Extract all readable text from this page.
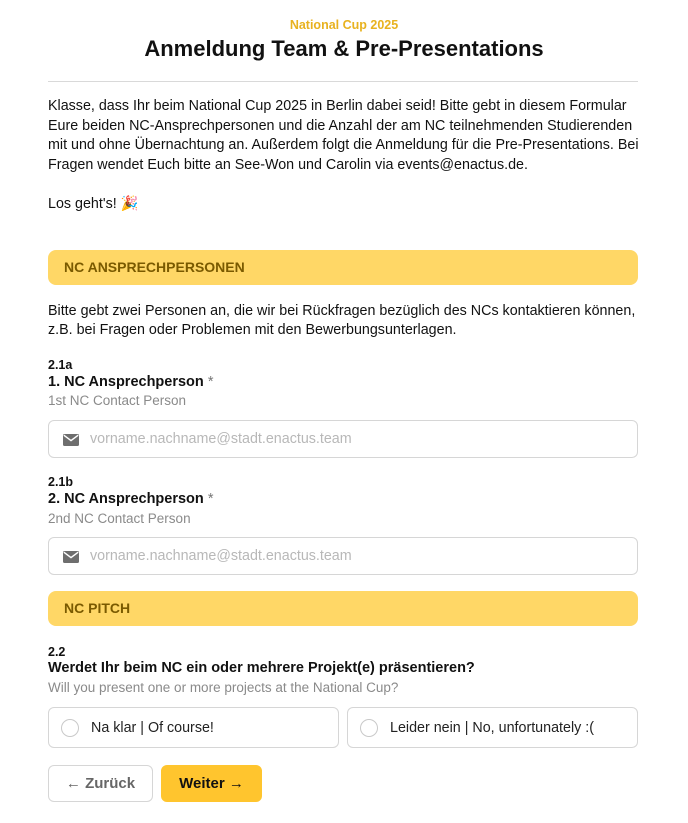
National Cup 2025
Anmeldung Team & Pre-Presentations

Klasse, dass Ihr beim National Cup 2025 in Berlin dabei seid! Bitte gebt in diesem Formular Eure beiden NC-Ansprechpersonen und die Anzahl der am NC teilnehmenden Studierenden mit und ohne Übernachtung an. Außerdem folgt die Anmeldung für die Pre-Presentations. Bei Fragen wendet Euch bitte an See-Won und Carolin via events@enactus.de.

Los geht's! 🎉

NC ANSPRECHPERSONEN
Bitte gebt zwei Personen an, die wir bei Rückfragen bezüglich des NCs kontaktieren können, z.B. bei Fragen oder Problemen mit den Bewerbungsunterlagen.
2.1a
1. NC Ansprechperson *
1st NC Contact Person
vorname.nachname@stadt.enactus.team
2.1b
2. NC Ansprechperson *
2nd NC Contact Person
vorname.nachname@stadt.enactus.team
NC PITCH
2.2
Werdet Ihr beim NC ein oder mehrere Projekt(e) präsentieren?
Will you present one or more projects at the National Cup?
Na klar | Of course!	Leider nein | No, unfortunately :(
← Zurück	Weiter →
